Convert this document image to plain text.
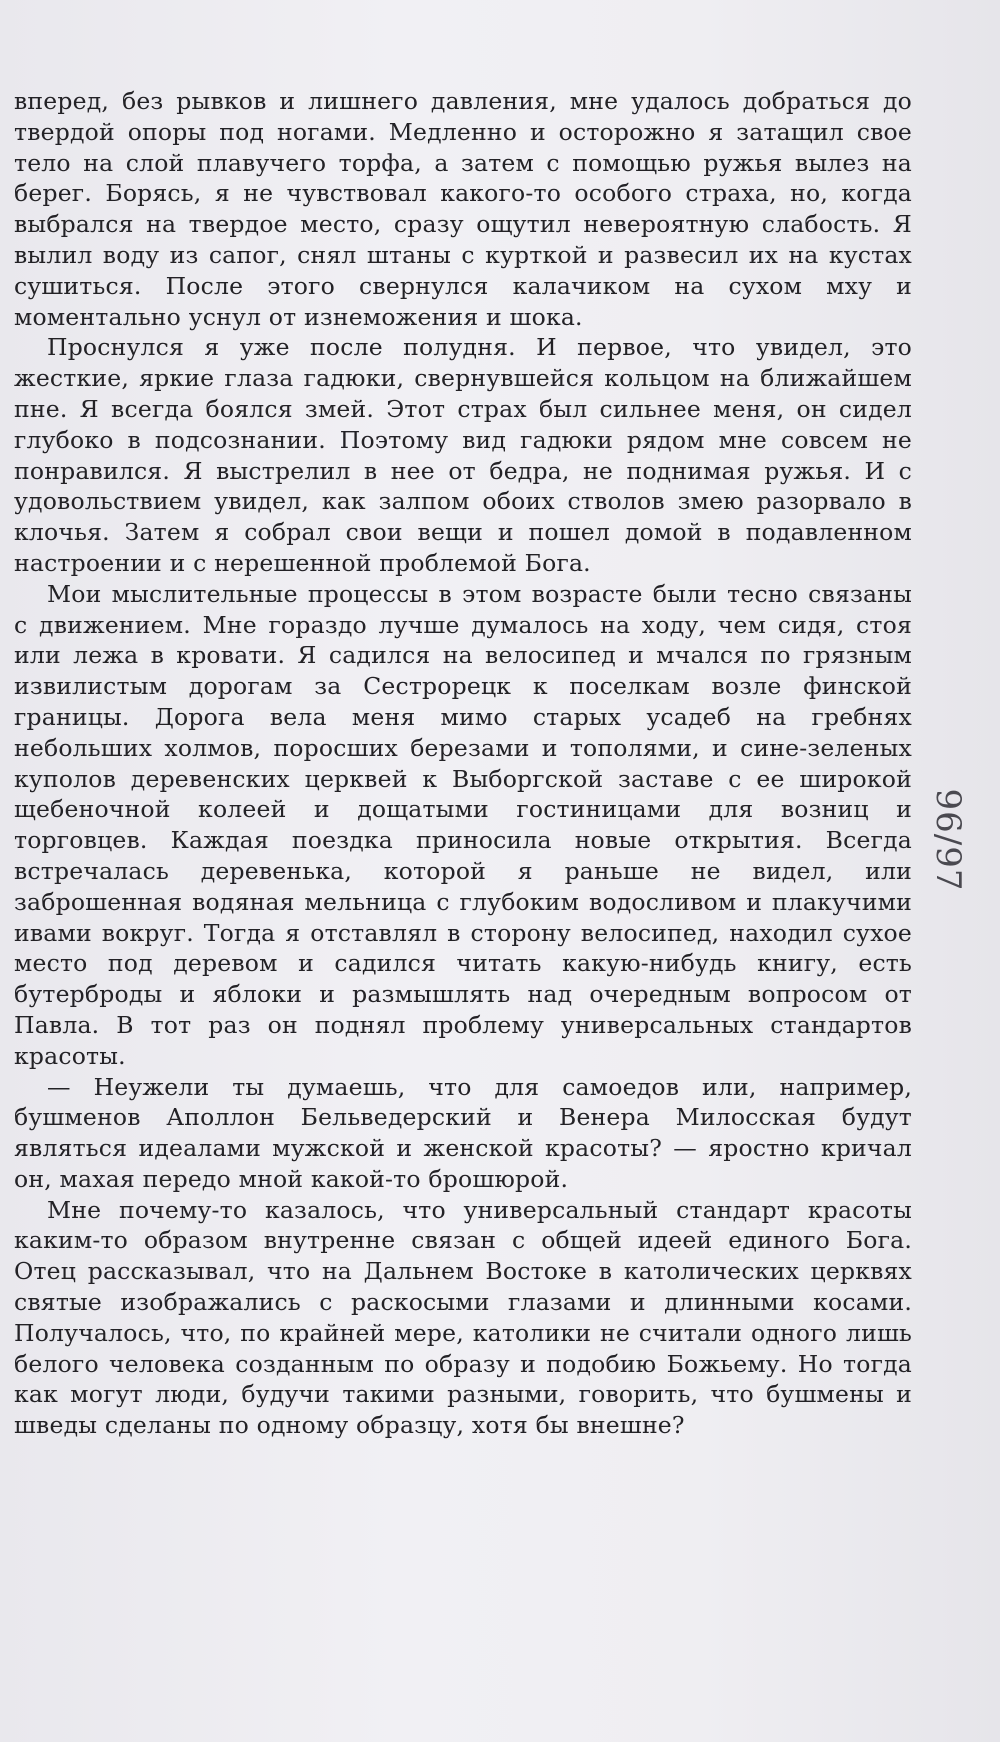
вперед, без рывков и лишнего давления, мне удалось добраться до твердой опоры под ногами. Медленно и осторожно я затащил свое тело на слой плавучего торфа, а затем с помощью ружья вылез на берег. Борясь, я не чувствовал какого-то особого страха, но, когда выбрался на твердое место, сразу ощутил невероятную слабость. Я вылил воду из сапог, снял штаны с курткой и развесил их на кустах сушиться. После этого свернулся калачиком на сухом мху и моментально уснул от изнеможения и шока.

Проснулся я уже после полудня. И первое, что увидел, это жесткие, яркие глаза гадюки, свернувшейся кольцом на ближайшем пне. Я всегда боялся змей. Этот страх был сильнее меня, он сидел глубоко в подсознании. Поэтому вид гадюки рядом мне совсем не понравился. Я выстрелил в нее от бедра, не поднимая ружья. И с удовольствием увидел, как залпом обоих стволов змею разорвало в клочья. Затем я собрал свои вещи и пошел домой в подавленном настроении и с нерешенной проблемой Бога.

Мои мыслительные процессы в этом возрасте были тесно связаны с движением. Мне гораздо лучше думалось на ходу, чем сидя, стоя или лежа в кровати. Я садился на велосипед и мчался по грязным извилистым дорогам за Сестрорецк к поселкам возле финской границы. Дорога вела меня мимо старых усадеб на гребнях небольших холмов, поросших березами и тополями, и сине-зеленых куполов деревенских церквей к Выборгской заставе с ее широкой щебеночной колеей и дощатыми гостиницами для возниц и торговцев. Каждая поездка приносила новые открытия. Всегда встречалась деревенька, которой я раньше не видел, или заброшенная водяная мельница с глубоким водосливом и плакучими ивами вокруг. Тогда я отставлял в сторону велосипед, находил сухое место под деревом и садился читать какую-нибудь книгу, есть бутерброды и яблоки и размышлять над очередным вопросом от Павла. В тот раз он поднял проблему универсальных стандартов красоты.

— Неужели ты думаешь, что для самоедов или, например, бушменов Аполлон Бельведерский и Венера Милосская будут являться идеалами мужской и женской красоты? — яростно кричал он, махая передо мной какой-то брошюрой.

Мне почему-то казалось, что универсальный стандарт красоты каким-то образом внутренне связан с общей идеей единого Бога. Отец рассказывал, что на Дальнем Востоке в католических церквях святые изображались с раскосыми глазами и длинными косами. Получалось, что, по крайней мере, католики не считали одного лишь белого человека созданным по образу и подобию Божьему. Но тогда как могут люди, будучи такими разными, говорить, что бушмены и шведы сделаны по одному образцу, хотя бы внешне?

96/97
